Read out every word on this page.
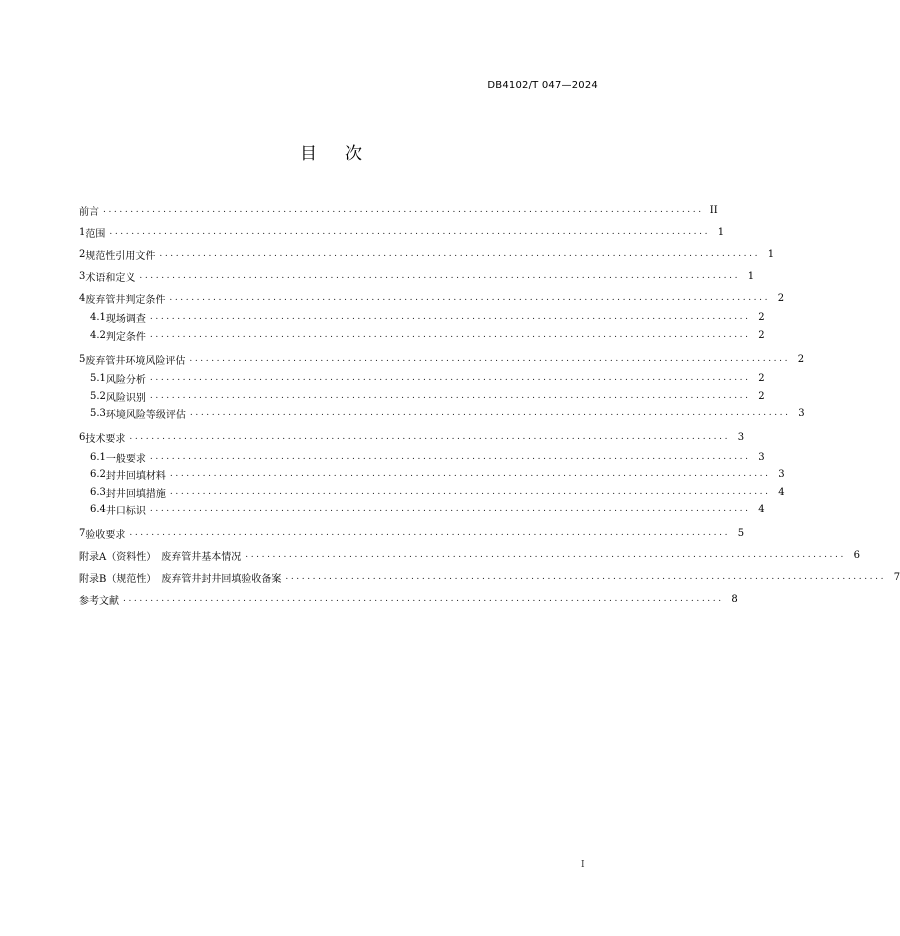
DB4102/T 047—2024
目次
前言 .............................................................................................................. II
1 范围 .............................................................................................................. 1
2 规范性引用文件 .............................................................................................................. 1
3 术语和定义 .............................................................................................................. 1
4 废弃管井判定条件 .............................................................................................................. 2
4.1 现场调查 .............................................................................................................. 2
4.2 判定条件 .............................................................................................................. 2
5 废弃管井环境风险评估 .............................................................................................................. 2
5.1 风险分析 .............................................................................................................. 2
5.2 风险识别 .............................................................................................................. 2
5.3 环境风险等级评估 .............................................................................................................. 3
6 技术要求 .............................................................................................................. 3
6.1 一般要求 .............................................................................................................. 3
6.2 封井回填材料 .............................................................................................................. 3
6.3 封井回填措施 .............................................................................................................. 4
6.4 井口标识 .............................................................................................................. 4
7 验收要求 .............................................................................................................. 5
附录A（资料性）　废弃管井基本情况 .............................................................................................................. 6
附录B（规范性）　废弃管井封井回填验收备案 .............................................................................................................. 7
参考文献 .............................................................................................................. 8
I
